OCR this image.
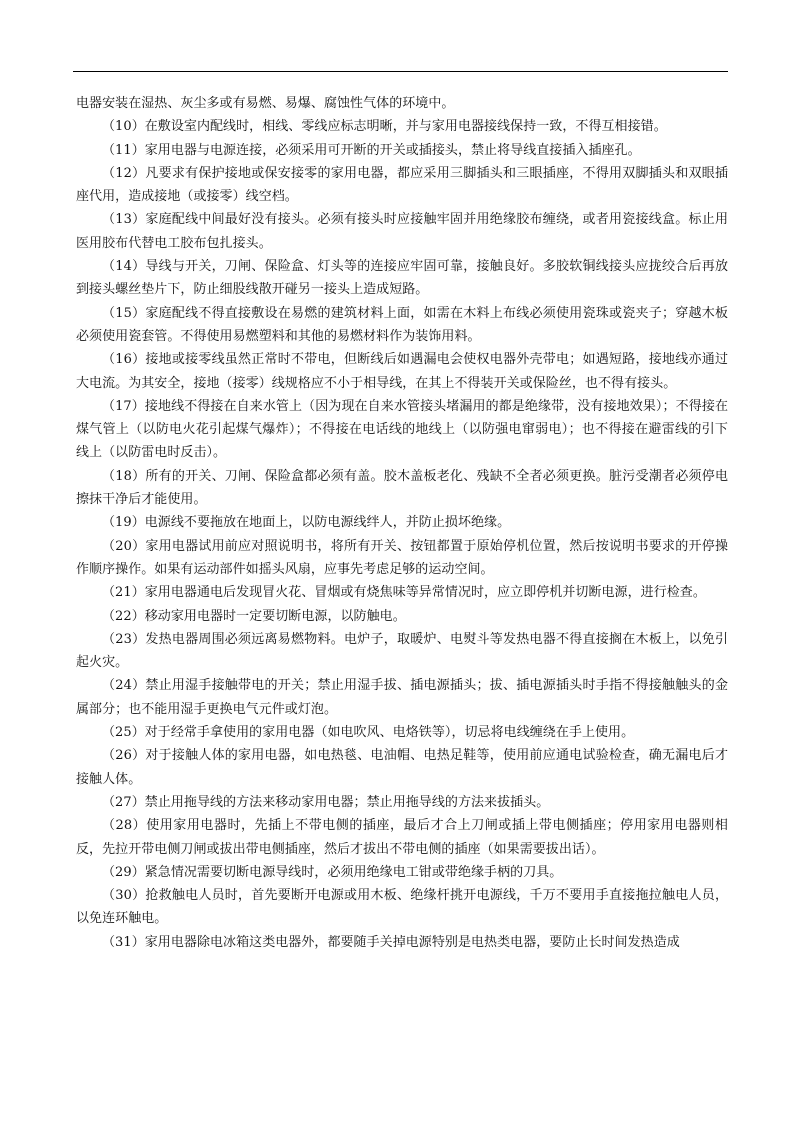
电器安装在湿热、灰尘多或有易燃、易爆、腐蚀性气体的环境中。

（10）在敷设室内配线时，相线、零线应标志明晰，并与家用电器接线保持一致，不得互相接错。

（11）家用电器与电源连接，必须采用可开断的开关或插接头，禁止将导线直接插入插座孔。

（12）凡要求有保护接地或保安接零的家用电器，都应采用三脚插头和三眼插座，不得用双脚插头和双眼插座代用，造成接地（或接零）线空档。

（13）家庭配线中间最好没有接头。必须有接头时应接触牢固并用绝缘胶布缠绕，或者用瓷接线盒。标止用医用胶布代替电工胶布包扎接头。

（14）导线与开关，刀闸、保险盒、灯头等的连接应牢固可靠，接触良好。多胶软铜线接头应拢绞合后再放到接头螺丝垫片下，防止细股线散开碰另一接头上造成短路。

（15）家庭配线不得直接敷设在易燃的建筑材料上面，如需在木料上布线必须使用瓷珠或瓷夹子；穿越木板必须使用瓷套管。不得使用易燃塑料和其他的易燃材料作为装饰用料。

（16）接地或接零线虽然正常时不带电，但断线后如遇漏电会使权电器外壳带电；如遇短路，接地线亦通过大电流。为其安全，接地（接零）线规格应不小于相导线，在其上不得装开关或保险丝，也不得有接头。

（17）接地线不得接在自来水管上（因为现在自来水管接头堵漏用的都是绝缘带，没有接地效果）；不得接在煤气管上（以防电火花引起煤气爆炸）；不得接在电话线的地线上（以防强电窜弱电）；也不得接在避雷线的引下线上（以防雷电时反击）。

（18）所有的开关、刀闸、保险盒都必须有盖。胶木盖板老化、残缺不全者必须更换。脏污受潮者必须停电擦抹干净后才能使用。

（19）电源线不要拖放在地面上，以防电源线绊人，并防止损坏绝缘。

（20）家用电器试用前应对照说明书，将所有开关、按钮都置于原始停机位置，然后按说明书要求的开停操作顺序操作。如果有运动部件如摇头风扇，应事先考虑足够的运动空间。

（21）家用电器通电后发现冒火花、冒烟或有烧焦味等异常情况时，应立即停机并切断电源，进行检查。

（22）移动家用电器时一定要切断电源，以防触电。

（23）发热电器周围必须远离易燃物料。电炉子，取暖炉、电熨斗等发热电器不得直接搁在木板上，以免引起火灾。

（24）禁止用湿手接触带电的开关；禁止用湿手拔、插电源插头；拔、插电源插头时手指不得接触触头的金属部分；也不能用湿手更换电气元件或灯泡。

（25）对于经常手拿使用的家用电器（如电吹风、电烙铁等），切忌将电线缠绕在手上使用。

（26）对于接触人体的家用电器，如电热毯、电油帽、电热足鞋等，使用前应通电试验检查，确无漏电后才接触人体。

（27）禁止用拖导线的方法来移动家用电器；禁止用拖导线的方法来拔插头。

（28）使用家用电器时，先插上不带电侧的插座，最后才合上刀闸或插上带电侧插座；停用家用电器则相反，先拉开带电侧刀闸或拔出带电侧插座，然后才拔出不带电侧的插座（如果需要拔出话）。

（29）紧急情况需要切断电源导线时，必须用绝缘电工钳或带绝缘手柄的刀具。

（30）抢救触电人员时，首先要断开电源或用木板、绝缘杆挑开电源线，千万不要用手直接拖拉触电人员，以免连环触电。

（31）家用电器除电冰箱这类电器外，都要随手关掉电源特别是电热类电器，要防止长时间发热造成
